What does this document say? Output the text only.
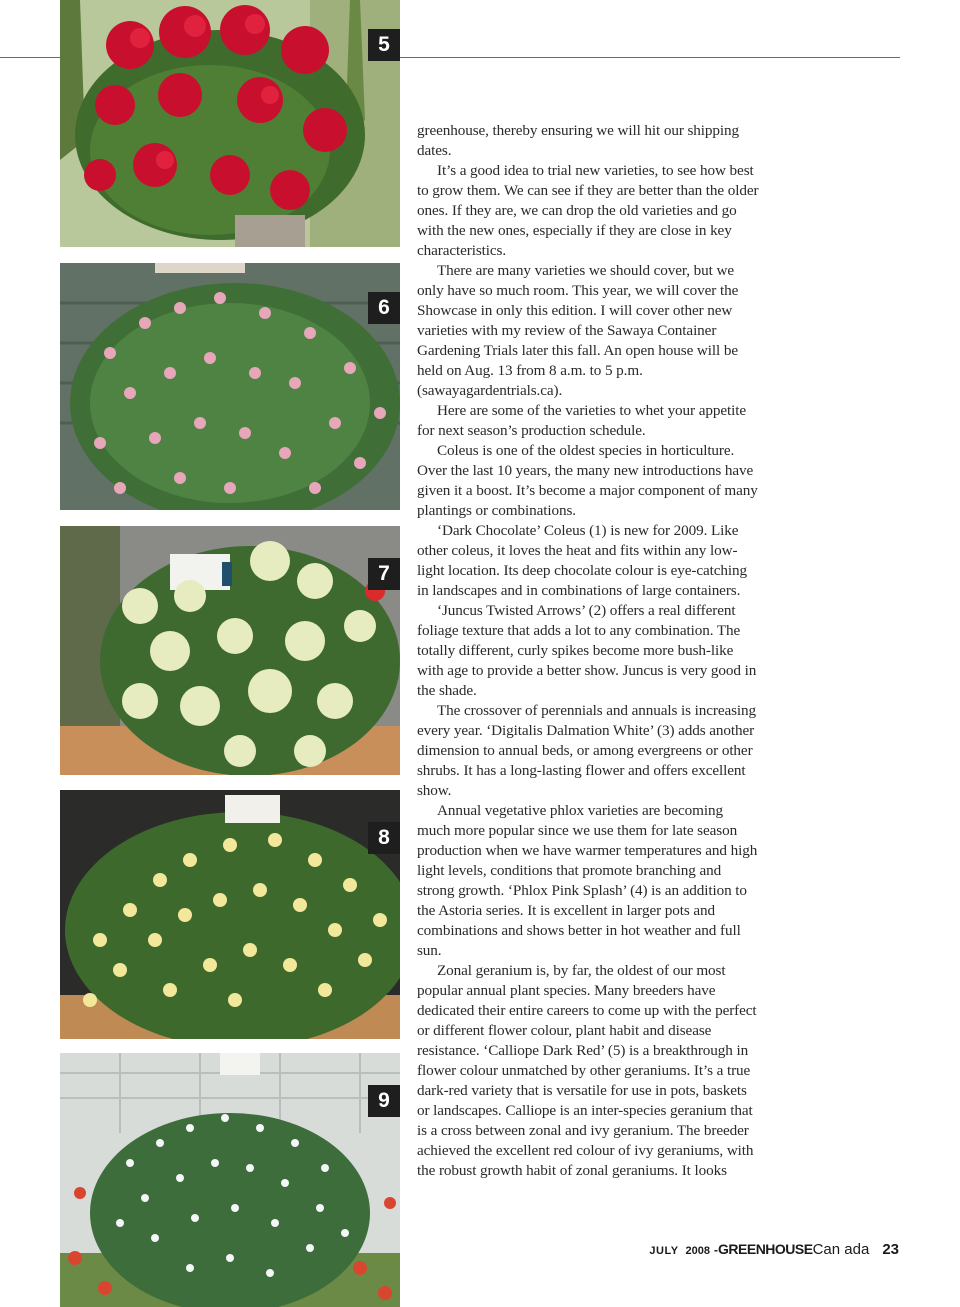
5
6
7
8
9

greenhouse, thereby ensuring we will hit our shipping dates.

It’s a good idea to trial new varieties, to see how best to grow them. We can see if they are better than the older ones. If they are, we can drop the old varieties and go with the new ones, especially if they are close in key characteristics.

There are many varieties we should cover, but we only have so much room. This year, we will cover the Showcase in only this edition. I will cover other new varieties with my review of the Sawaya Container Gardening Trials later this fall. An open house will be held on Aug. 13 from 8 a.m. to 5 p.m. (sawayagardentrials.ca).

Here are some of the varieties to whet your appetite for next season’s production schedule.

Coleus is one of the oldest species in horticulture. Over the last 10 years, the many new introductions have given it a boost. It’s become a major component of many plantings or combinations.

‘Dark Chocolate’ Coleus (1) is new for 2009. Like other coleus, it loves the heat and fits within any low-light location. Its deep chocolate colour is eye-catching in landscapes and in combinations of large containers.

‘Juncus Twisted Arrows’ (2) offers a real different foliage texture that adds a lot to any combination. The totally different, curly spikes become more bush-like with age to provide a better show. Juncus is very good in the shade.

The crossover of perennials and annuals is increasing every year. ‘Digitalis Dalmation White’ (3) adds another dimension to annual beds, or among evergreens or other shrubs. It has a long-lasting flower and offers excellent show.

Annual vegetative phlox varieties are becoming much more popular since we use them for late season production when we have warmer temperatures and high light levels, conditions that promote branching and strong growth. ‘Phlox Pink Splash’ (4) is an addition to the Astoria series. It is excellent in larger pots and combinations and shows better in hot weather and full sun.

Zonal geranium is, by far, the oldest of our most popular annual plant species. Many breeders have dedicated their entire careers to come up with the perfect or different flower colour, plant habit and disease resistance. ‘Calliope Dark Red’ (5) is a breakthrough in flower colour unmatched by other geraniums. It’s a true dark-red variety that is versatile for use in pots, baskets or landscapes. Calliope is an inter-species geranium that is a cross between zonal and ivy geranium. The breeder achieved the excellent red colour of ivy geraniums, with the robust growth habit of zonal geraniums. It looks

JULY 2008 - GREENHOUSE Can ada 23
